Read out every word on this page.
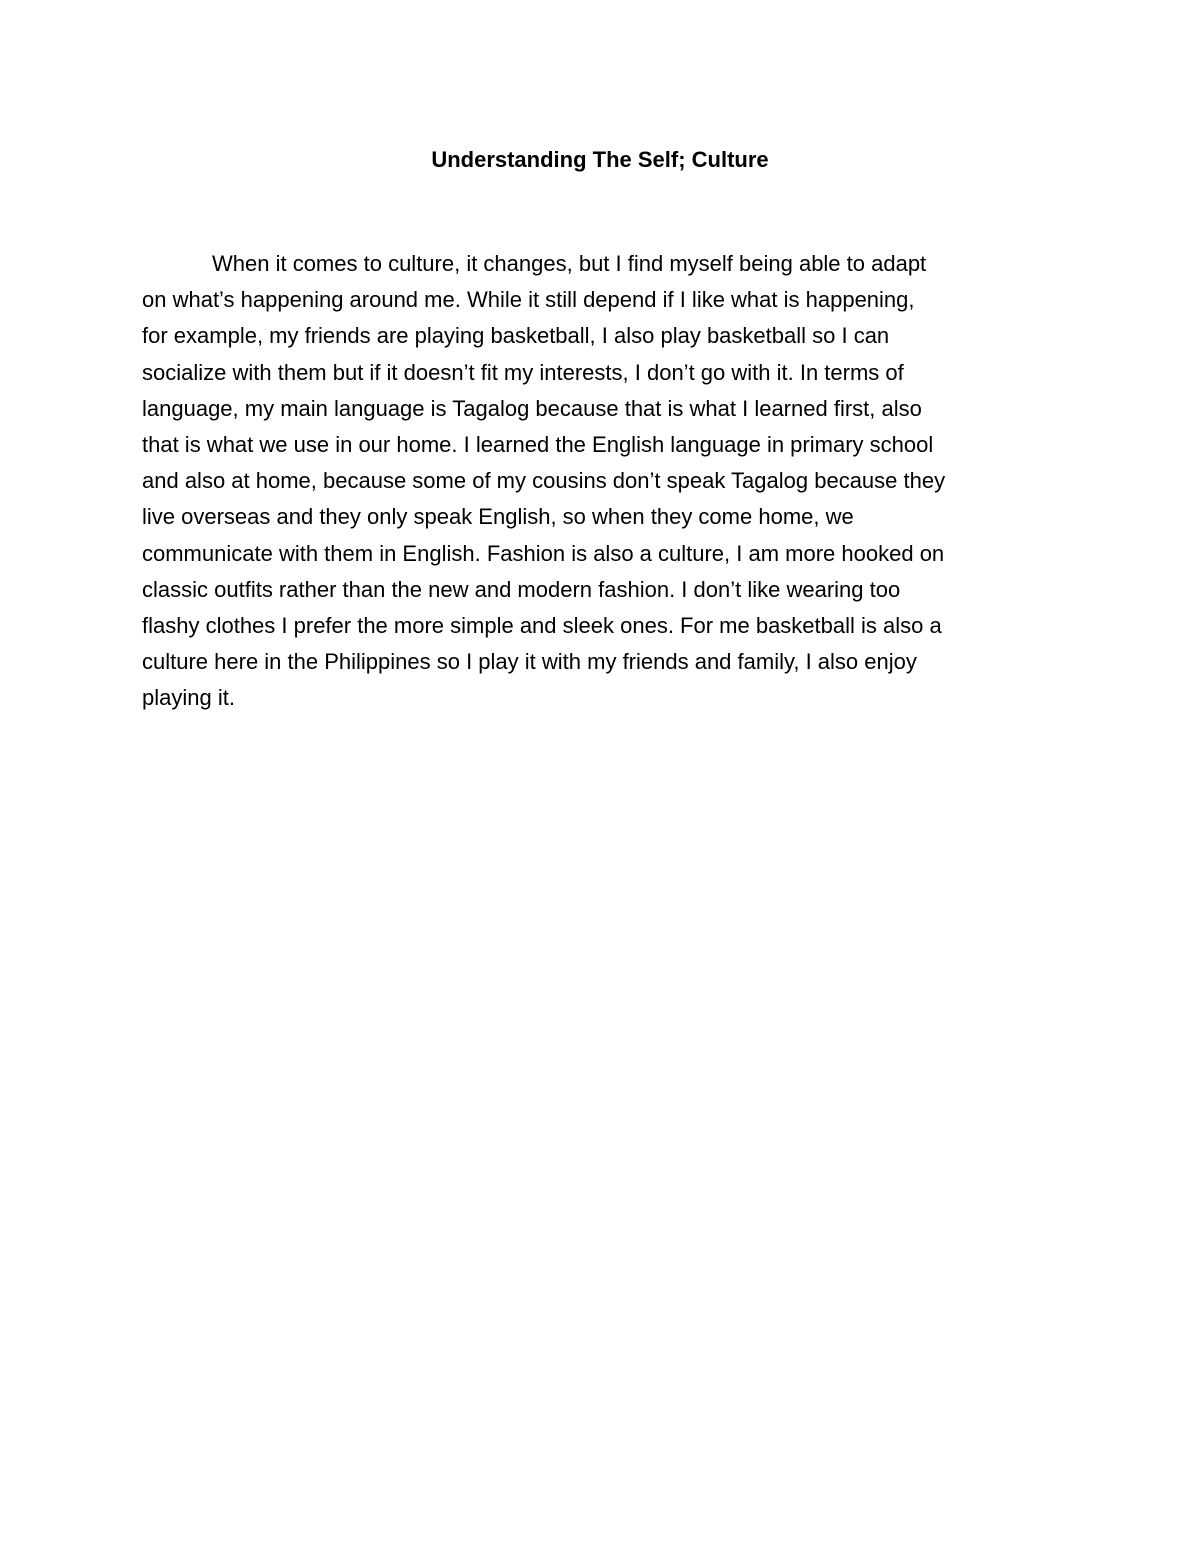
Understanding The Self; Culture
When it comes to culture, it changes, but I find myself being able to adapt
on what’s happening around me. While it still depend if I like what is happening,
for example, my friends are playing basketball, I also play basketball so I can
socialize with them but if it doesn’t fit my interests, I don’t go with it. In terms of
language, my main language is Tagalog because that is what I learned first, also
that is what we use in our home. I learned the English language in primary school
and also at home, because some of my cousins don’t speak Tagalog because they
live overseas and they only speak English, so when they come home, we
communicate with them in English. Fashion is also a culture, I am more hooked on
classic outfits rather than the new and modern fashion. I don’t like wearing too
flashy clothes I prefer the more simple and sleek ones. For me basketball is also a
culture here in the Philippines so I play it with my friends and family, I also enjoy
playing it.
